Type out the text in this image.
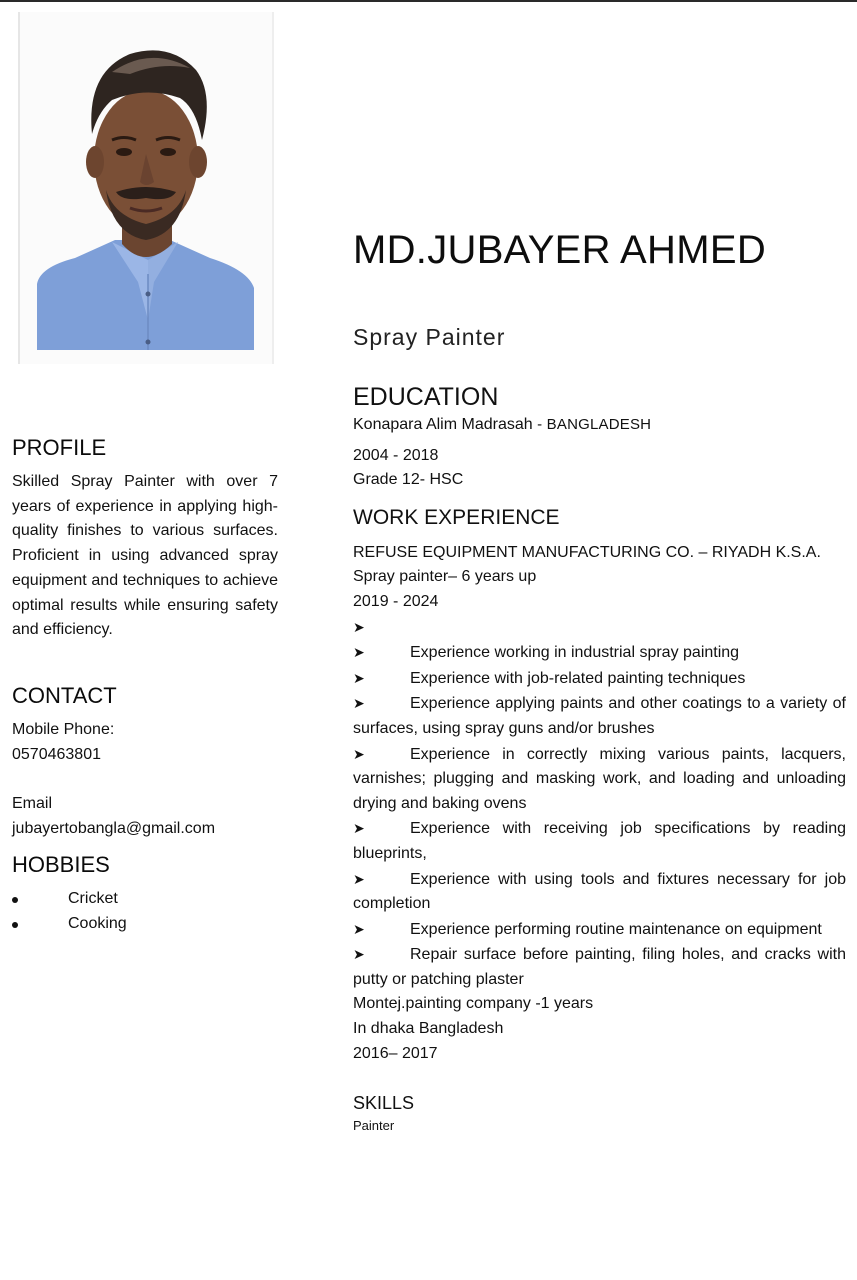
PROFILE

Skilled Spray Painter with over 7 years of experience in applying high-quality finishes to various surfaces. Proficient in using advanced spray equipment and techniques to achieve optimal results while ensuring safety and efficiency.

CONTACT

Mobile Phone:

0570463801

Email

jubayertobangla@gmail.com

HOBBIES
Cricket
Cooking
MD.JUBAYER AHMED

Spray Painter

EDUCATION

Konapara Alim Madrasah - BANGLADESH

2004 - 2018

Grade 12- HSC

WORK EXPERIENCE

REFUSE EQUIPMENT MANUFACTURING CO. – RIYADH K.S.A.

Spray painter– 6 years up

2019 - 2024

➤
➤	Experience working in industrial spray painting
➤	Experience with job-related painting techniques
➤	Experience applying paints and other coatings to a variety of surfaces, using spray guns and/or brushes
➤	Experience in correctly mixing various paints, lacquers, varnishes; plugging and masking work, and loading and unloading drying and baking ovens
➤	Experience with receiving job specifications by reading blueprints,
➤	Experience with using tools and fixtures necessary for job completion
➤	Experience performing routine maintenance on equipment
➤	Repair surface before painting, filing holes, and cracks with putty or patching plaster

Montej.painting company -1 years

In dhaka Bangladesh

2016– 2017

SKILLS

Painter
